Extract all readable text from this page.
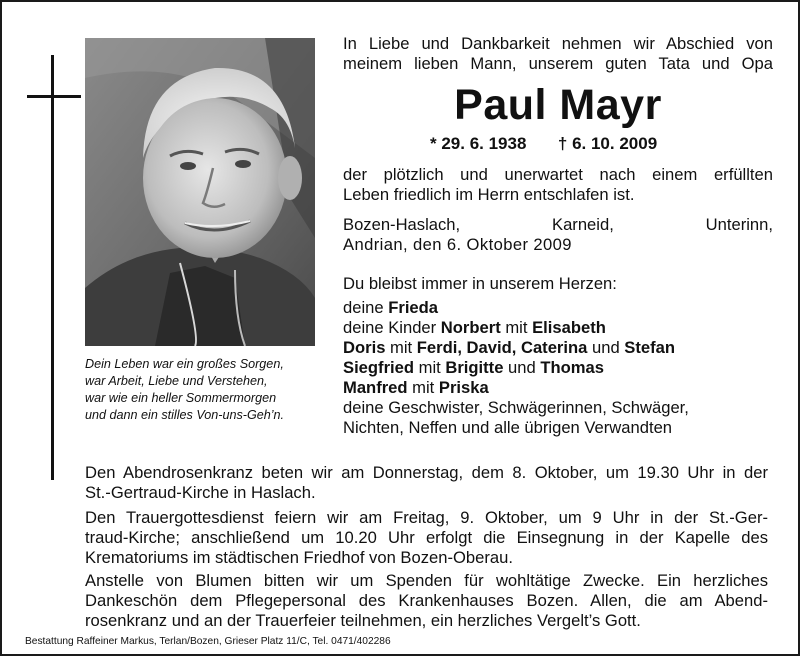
Dein Leben war ein großes Sorgen,
war Arbeit, Liebe und Verstehen,
war wie ein heller Sommermorgen
und dann ein stilles Von-uns-Geh’n.
In Liebe und Dankbarkeit nehmen wir Abschied von
meinem lieben Mann, unserem guten Tata und Opa
Paul Mayr
* 29. 6. 1938 † 6. 10. 2009
der plötzlich und unerwartet nach einem erfüllten
Leben friedlich im Herrn entschlafen ist.
Bozen-Haslach, Karneid, Unterinn,
Andrian, den 6. Oktober 2009
Du bleibst immer in unserem Herzen:
deine Frieda
deine Kinder Norbert mit Elisabeth
Doris mit Ferdi, David, Caterina und Stefan
Siegfried mit Brigitte und Thomas
Manfred mit Priska
deine Geschwister, Schwägerinnen, Schwäger,
Nichten, Neffen und alle übrigen Verwandten
Den Abendrosenkranz beten wir am Donnerstag, dem 8. Oktober, um 19.30 Uhr in der
St.-Gertraud-Kirche in Haslach.
Den Trauergottesdienst feiern wir am Freitag, 9. Oktober, um 9 Uhr in der St.-Ger-
traud-Kirche; anschließend um 10.20 Uhr erfolgt die Einsegnung in der Kapelle des
Krematoriums im städtischen Friedhof von Bozen-Oberau.
Anstelle von Blumen bitten wir um Spenden für wohltätige Zwecke. Ein herzliches
Dankeschön dem Pflegepersonal des Krankenhauses Bozen. Allen, die am Abend-
rosenkranz und an der Trauerfeier teilnehmen, ein herzliches Vergelt’s Gott.
Bestattung Raffeiner Markus, Terlan/Bozen, Grieser Platz 11/C, Tel. 0471/402286
